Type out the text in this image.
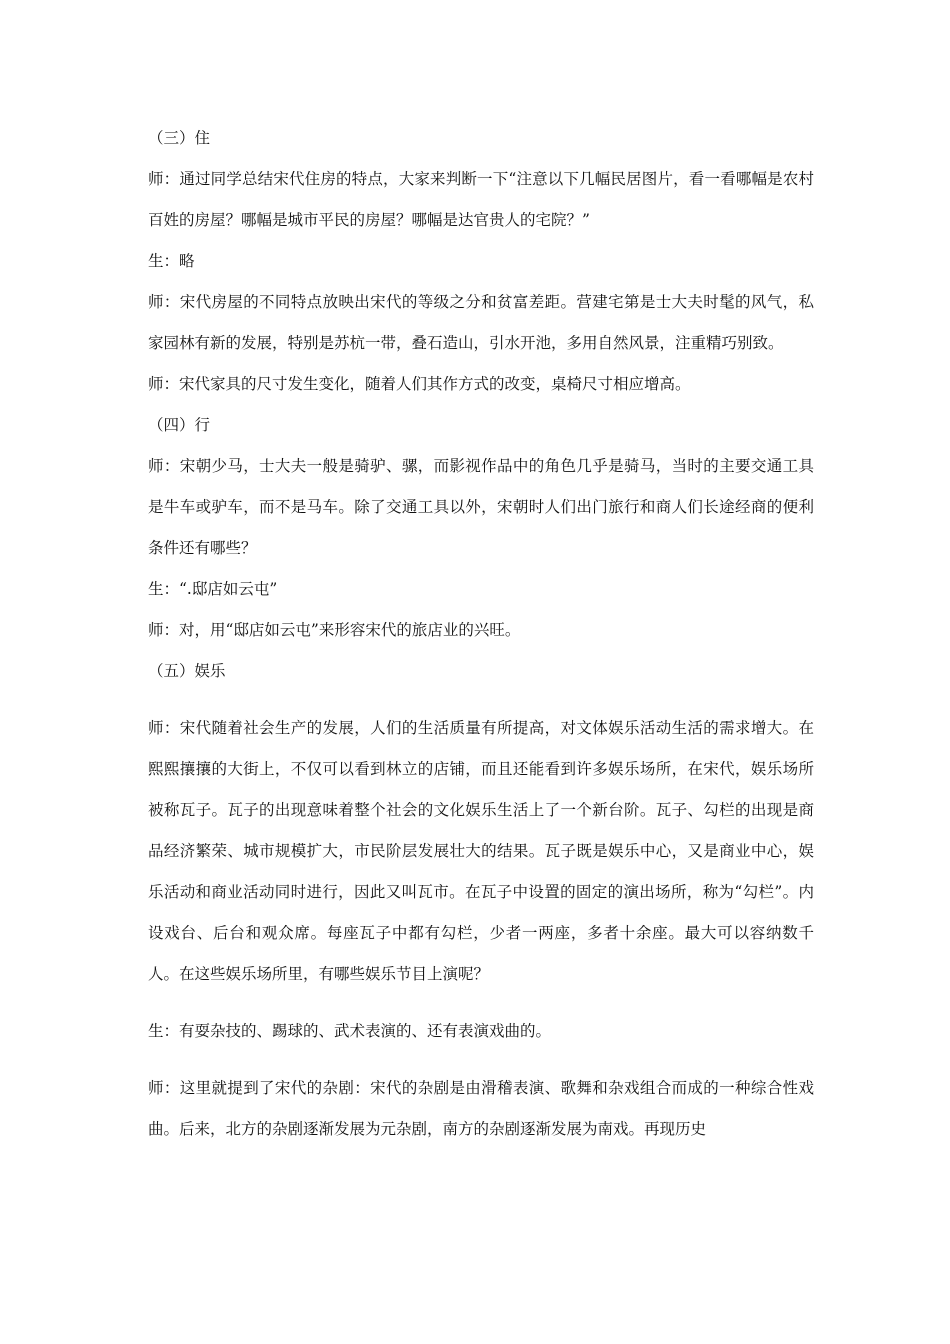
（三）住

师：通过同学总结宋代住房的特点，大家来判断一下“注意以下几幅民居图片，看一看哪幅是农村百姓的房屋？哪幅是城市平民的房屋？哪幅是达官贵人的宅院？”

生：略

师：宋代房屋的不同特点放映出宋代的等级之分和贫富差距。营建宅第是士大夫时髦的风气，私家园林有新的发展，特别是苏杭一带，叠石造山，引水开池，多用自然风景，注重精巧别致。

师：宋代家具的尺寸发生变化，随着人们其作方式的改变，桌椅尺寸相应增高。

（四）行

师：宋朝少马，士大夫一般是骑驴、骡，而影视作品中的角色几乎是骑马，当时的主要交通工具是牛车或驴车，而不是马车。除了交通工具以外，宋朝时人们出门旅行和商人们长途经商的便利条件还有哪些？

生：“.邸店如云屯”

师：对，用“邸店如云屯”来形容宋代的旅店业的兴旺。

（五）娱乐

师：宋代随着社会生产的发展，人们的生活质量有所提高，对文体娱乐活动生活的需求增大。在熙熙攘攘的大街上，不仅可以看到林立的店铺，而且还能看到许多娱乐场所，在宋代，娱乐场所被称瓦子。瓦子的出现意味着整个社会的文化娱乐生活上了一个新台阶。瓦子、勾栏的出现是商品经济繁荣、城市规模扩大，市民阶层发展壮大的结果。瓦子既是娱乐中心，又是商业中心，娱乐活动和商业活动同时进行，因此又叫瓦市。在瓦子中设置的固定的演出场所，称为“勾栏”。内设戏台、后台和观众席。每座瓦子中都有勾栏，少者一两座，多者十余座。最大可以容纳数千人。在这些娱乐场所里，有哪些娱乐节目上演呢？

生：有耍杂技的、踢球的、武术表演的、还有表演戏曲的。

师：这里就提到了宋代的杂剧：宋代的杂剧是由滑稽表演、歌舞和杂戏组合而成的一种综合性戏曲。后来，北方的杂剧逐渐发展为元杂剧，南方的杂剧逐渐发展为南戏。再现历史
